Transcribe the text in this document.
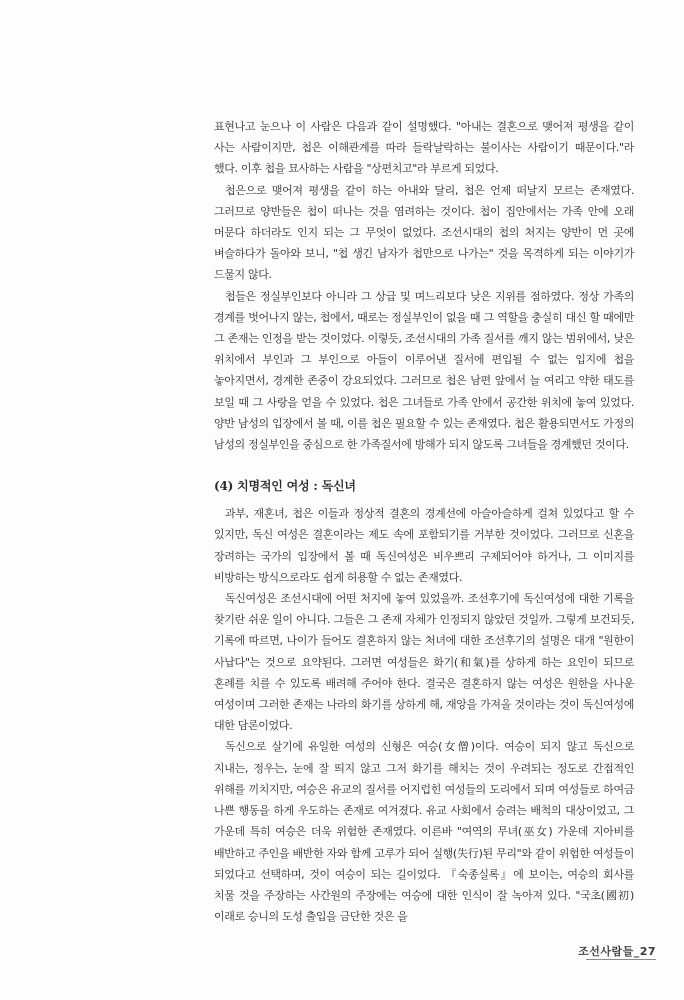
표현나고 눈으나 이 사람은 다음과 같이 설명했다. "아내는 결혼으로 맺어져 평생을 같이 사는 사람이지만, 첩은 이해관계를 따라 들락날락하는 불이사는 사람이기 때문이다."라 했다. 이후 첩을 묘사하는 사람을 "상편치고"라 부르게 되었다.

첩은으로 맺어져 평생을 같이 하는 아내와 달리, 첩은 언제 떠날지 모르는 존재였다. 그러므로 양반들은 첩이 떠나는 것을 염려하는 것이다. 첩이 집안에서는 가족 안에 오래 머문다 하더라도 인지 되는 그 무엇이 없었다. 조선시대의 첩의 처지는 양반이 먼 곳에 벼슬하다가 돌아와 보니, "첩 생긴 남자가 첩만으로 나가는" 것을 목격하게 되는 이야기가 드물지 않다.

첩들은 정실부인보다 아니라 그 상급 및 며느리보다 낮은 지위를 점하였다. 정상 가족의 경계를 벗어나지 않는, 첩에서, 때로는 정실부인이 없을 때 그 역할을 충실히 대신 할 때에만 그 존재는 인정을 받는 것이었다. 이렇듯, 조선시대의 가족 질서를 깨지 않는 범위에서, 낮은 위치에서 부인과 그 부인으로 아들이 이루어낸 질서에 편입될 수 없는 입지에 첩을 놓아지면서, 경계한 존중이 강요되었다. 그러므로 첩은 남편 앞에서 늘 여리고 약한 태도를 보일 때 그 사랑을 얻을 수 있었다. 첩은 그녀들로 가족 안에서 공간한 위치에 놓여 있었다. 양반 남성의 입장에서 볼 때, 이를 첩은 필요할 수 있는 존재였다. 첩은 활용되면서도 가정의 남성의 정실부인을 중심으로 한 가족질서에 방해가 되지 않도록 그녀들을 경계했던 것이다.

(4) 치명적인 여성 : 독신녀

과부, 재혼녀, 첩은 이들과 정상적 결혼의 경계선에 아슬아슬하게 걸쳐 있었다고 할 수 있지만, 독신 여성은 결혼이라는 제도 속에 포함되기를 거부한 것이었다. 그러므로 신혼을 장려하는 국가의 입장에서 볼 때 독신여성은 비우쁘리 구제되어야 하거나, 그 이미지를 비방하는 방식으로라도 쉽게 허용할 수 없는 존재였다.

독신여성은 조선시대에 어떤 처지에 놓여 있었을까. 조선후기에 독신여성에 대한 기록을 찾기란 쉬운 일이 아니다. 그들은 그 존재 자체가 인정되지 않았던 것일까. 그렇게 보건되듯, 기록에 따르면, 나이가 들어도 결혼하지 않는 처녀에 대한 조선후기의 설명은 대개 "원한이 사납다"는 것으로 요약된다. 그러면 여성들은 화기(和氣)를 상하게 하는 요인이 되므로 혼례를 치를 수 있도록 배려해 주어야 한다. 결국은 결혼하지 않는 여성은 원한을 사나운 여성이며 그러한 존재는 나라의 화기를 상하게 해, 재앙을 가져올 것이라는 것이 독신여성에 대한 담론이었다.

독신으로 살기에 유일한 여성의 신형은 여승(女僧)이다. 여승이 되지 않고 독신으로 지내는, 정우는, 눈에 잘 띄지 않고 그저 화기를 해치는 것이 우려되는 정도로 간접적인 위해를 끼치지만, 여승은 유교의 질서를 어지럽힌 여성들의 도리에서 되며 여성들로 하여금 나쁜 행동을 하게 우도하는 존재로 여겨졌다. 유교 사회에서 승려는 배척의 대상이었고, 그 가운데 특히 여승은 더욱 위험한 존재였다. 이른바 "여역의 무녀(巫女) 가운데 지아비를 배반하고 주인을 배반한 자와 함께 고루가 되어 실행(失行)된 무리"와 같이 위험한 여성들이 되었다고 선택하며, 것이 여승이 되는 길이었다. 『숙종실록』에 보이는, 여승의 회사를 치물 것을 주장하는 사간원의 주장에는 여승에 대한 인식이 잘 녹아져 있다. "국초(國初) 이래로 승니의 도성 출입을 금단한 것은 을

조선사람들_27
